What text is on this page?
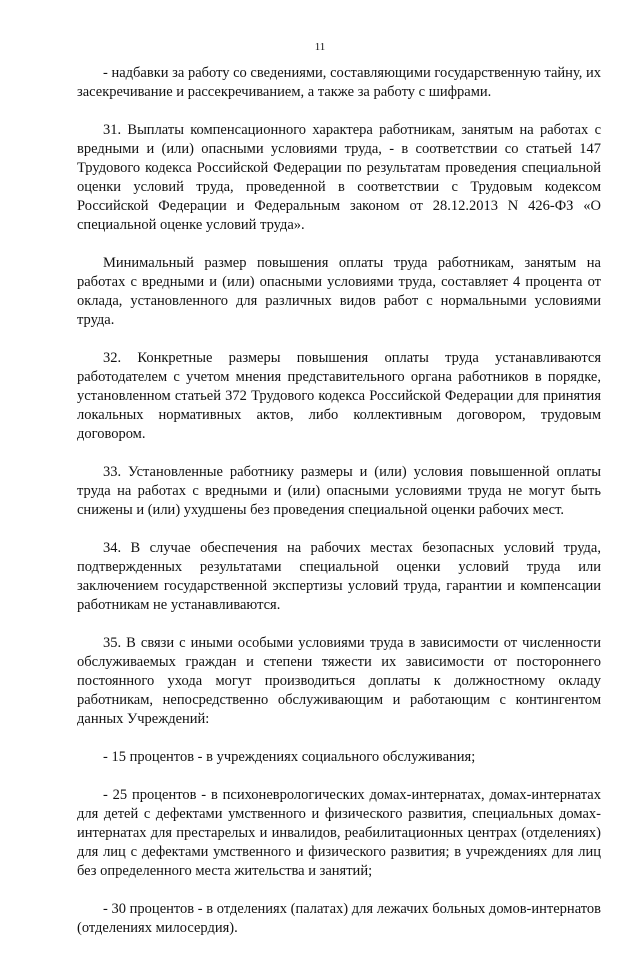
11

- надбавки за работу со сведениями, составляющими государственную тайну, их засекречивание и рассекречиванием, а также за работу с шифрами.

31. Выплаты компенсационного характера работникам, занятым на работах с вредными и (или) опасными условиями труда, - в соответствии со статьей 147 Трудового кодекса Российской Федерации по результатам проведения специальной оценки условий труда, проведенной в соответствии с Трудовым кодексом Российской Федерации и Федеральным законом от 28.12.2013 N 426-ФЗ «О специальной оценке условий труда».

Минимальный размер повышения оплаты труда работникам, занятым на работах с вредными и (или) опасными условиями труда, составляет 4 процента от оклада, установленного для различных видов работ с нормальными условиями труда.

32. Конкретные размеры повышения оплаты труда устанавливаются работодателем с учетом мнения представительного органа работников в порядке, установленном статьей 372 Трудового кодекса Российской Федерации для принятия локальных нормативных актов, либо коллективным договором, трудовым договором.

33. Установленные работнику размеры и (или) условия повышенной оплаты труда на работах с вредными и (или) опасными условиями труда не могут быть снижены и (или) ухудшены без проведения специальной оценки рабочих мест.

34. В случае обеспечения на рабочих местах безопасных условий труда, подтвержденных результатами специальной оценки условий труда или заключением государственной экспертизы условий труда, гарантии и компенсации работникам не устанавливаются.

35. В связи с иными особыми условиями труда в зависимости от численности обслуживаемых граждан и степени тяжести их зависимости от постороннего постоянного ухода могут производиться доплаты к должностному окладу работникам, непосредственно обслуживающим и работающим с контингентом данных Учреждений:

- 15 процентов - в учреждениях социального обслуживания;

- 25 процентов - в психоневрологических домах-интернатах, домах-интернатах для детей с дефектами умственного и физического развития, специальных домах-интернатах для престарелых и инвалидов, реабилитационных центрах (отделениях) для лиц с дефектами умственного и физического развития; в учреждениях для лиц без определенного места жительства и занятий;

- 30 процентов - в отделениях (палатах) для лежачих больных домов-интернатов (отделениях милосердия).
